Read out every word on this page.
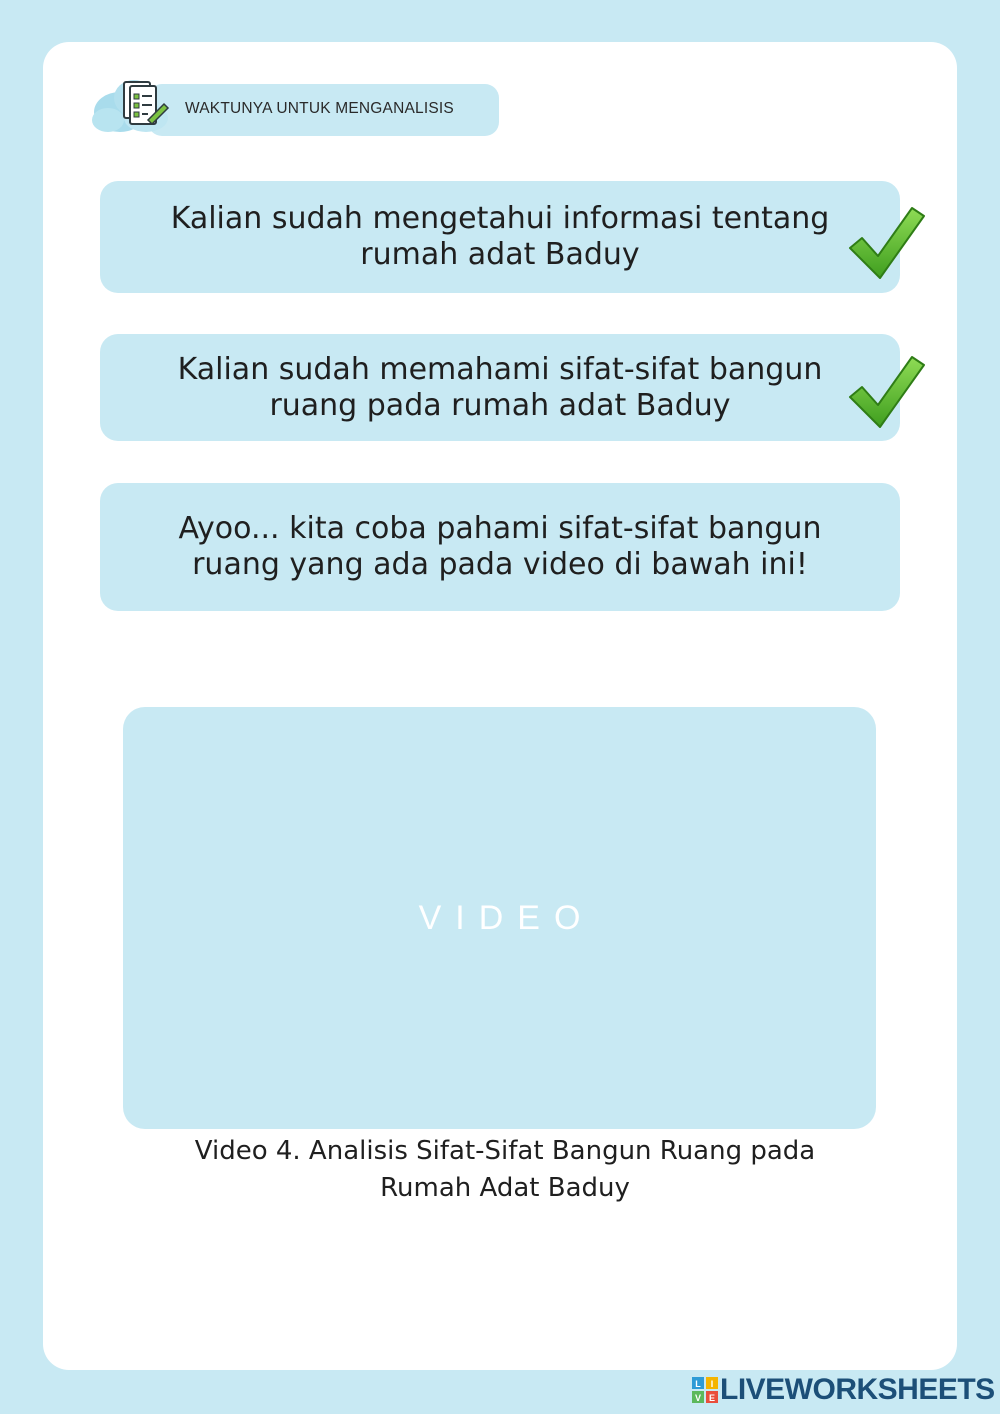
WAKTUNYA UNTUK MENGANALISIS
Kalian sudah mengetahui informasi tentang
rumah adat Baduy
Kalian sudah memahami sifat-sifat bangun
ruang pada rumah adat Baduy
Ayoo... kita coba pahami sifat-sifat bangun
ruang yang ada pada video di bawah ini!
VIDEO
Video 4. Analisis Sifat-Sifat Bangun Ruang pada
Rumah Adat Baduy
L I
V E LIVEWORKSHEETS
